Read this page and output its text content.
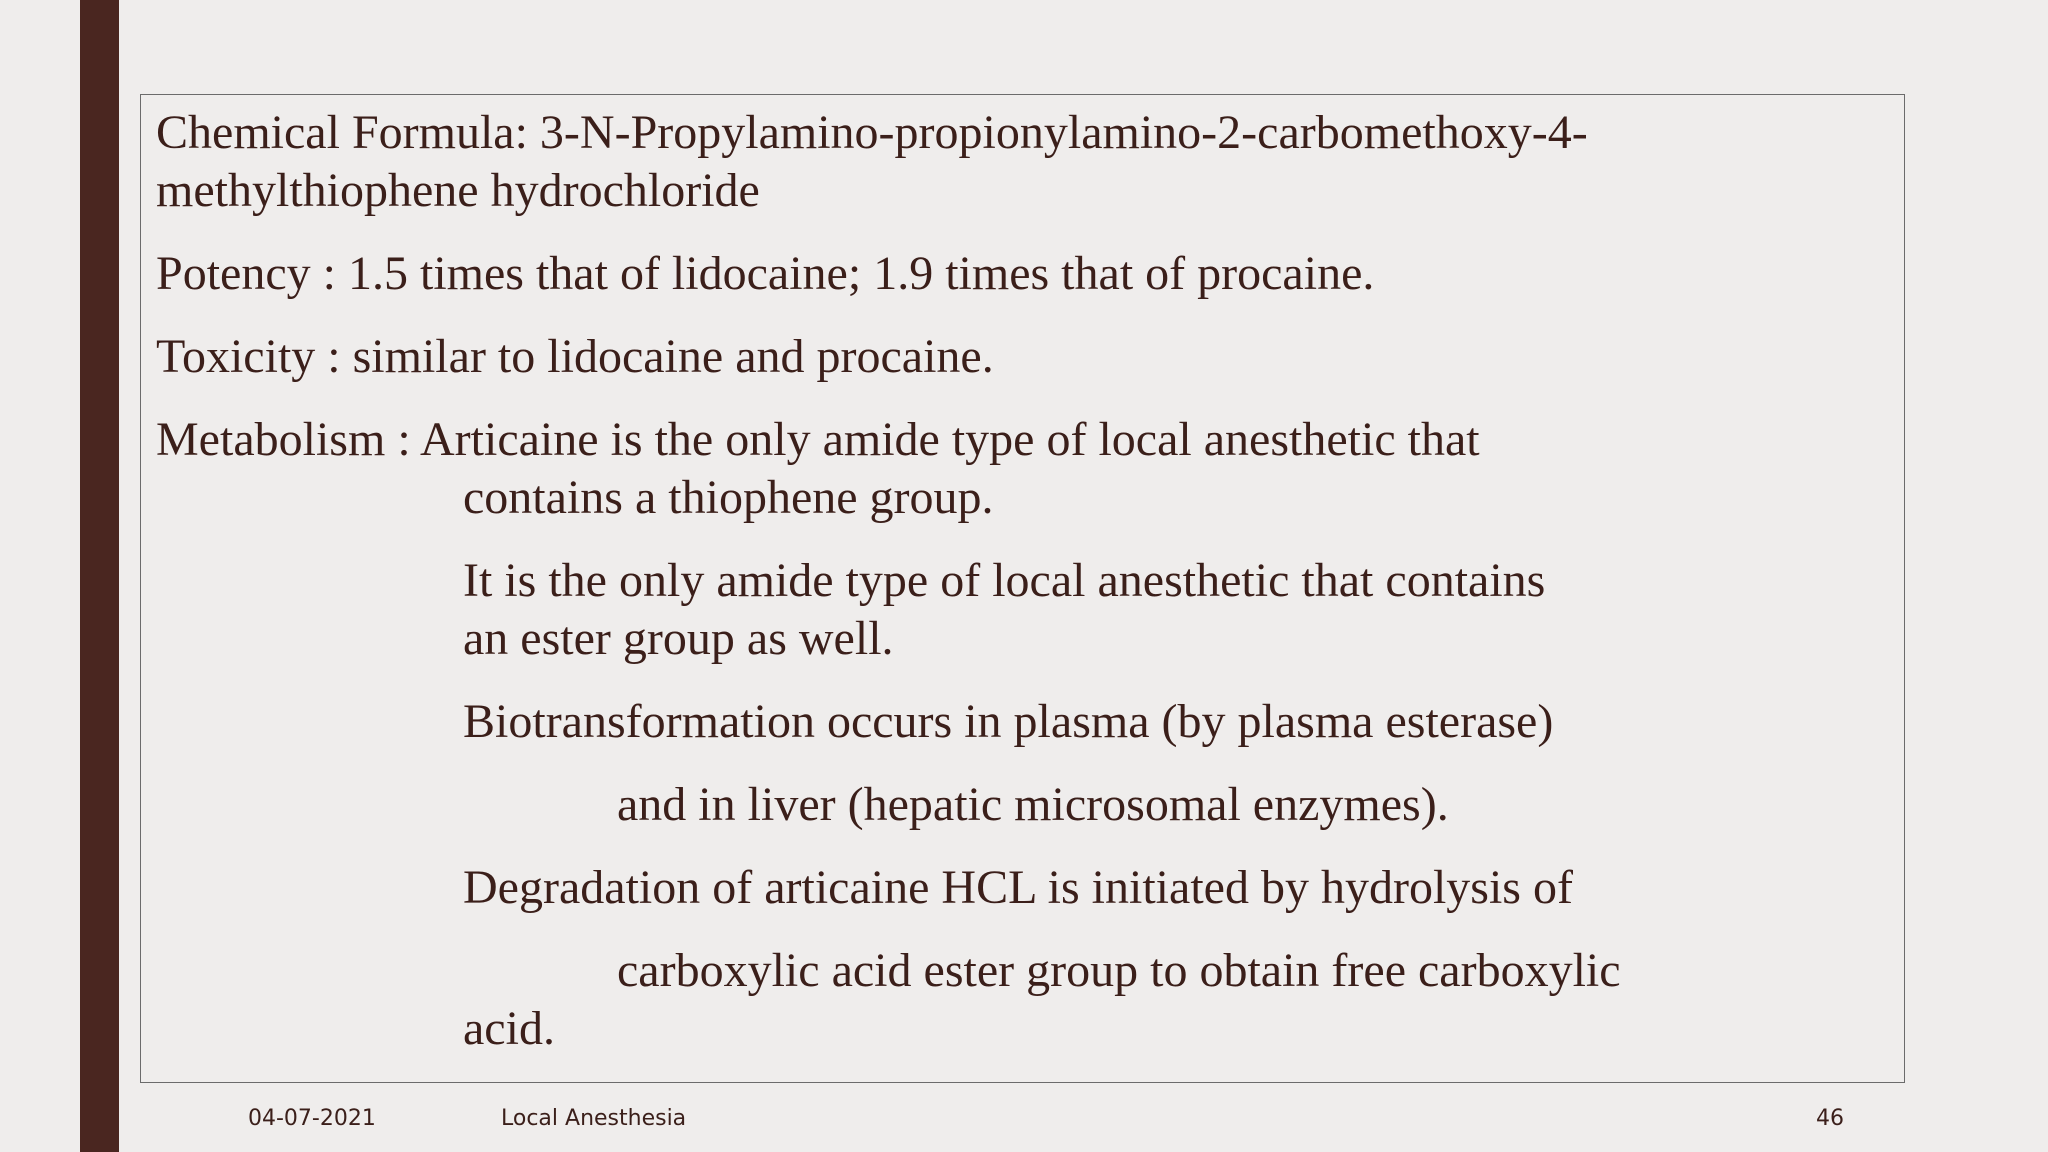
Chemical Formula: 3-N-Propylamino-propionylamino-2-carbomethoxy-4-

methylthiophene hydrochloride

Potency : 1.5 times that of lidocaine; 1.9 times that of procaine.

Toxicity : similar to lidocaine and procaine.

Metabolism : Articaine is the only amide type of local anesthetic that

contains a thiophene group.

It is the only amide type of local anesthetic that contains

an ester group as well.

Biotransformation occurs in plasma (by plasma esterase)

and in liver (hepatic microsomal enzymes).

Degradation of articaine HCL is initiated by hydrolysis of

carboxylic acid ester group to obtain free carboxylic

acid.

04-07-2021	Local Anesthesia	46
